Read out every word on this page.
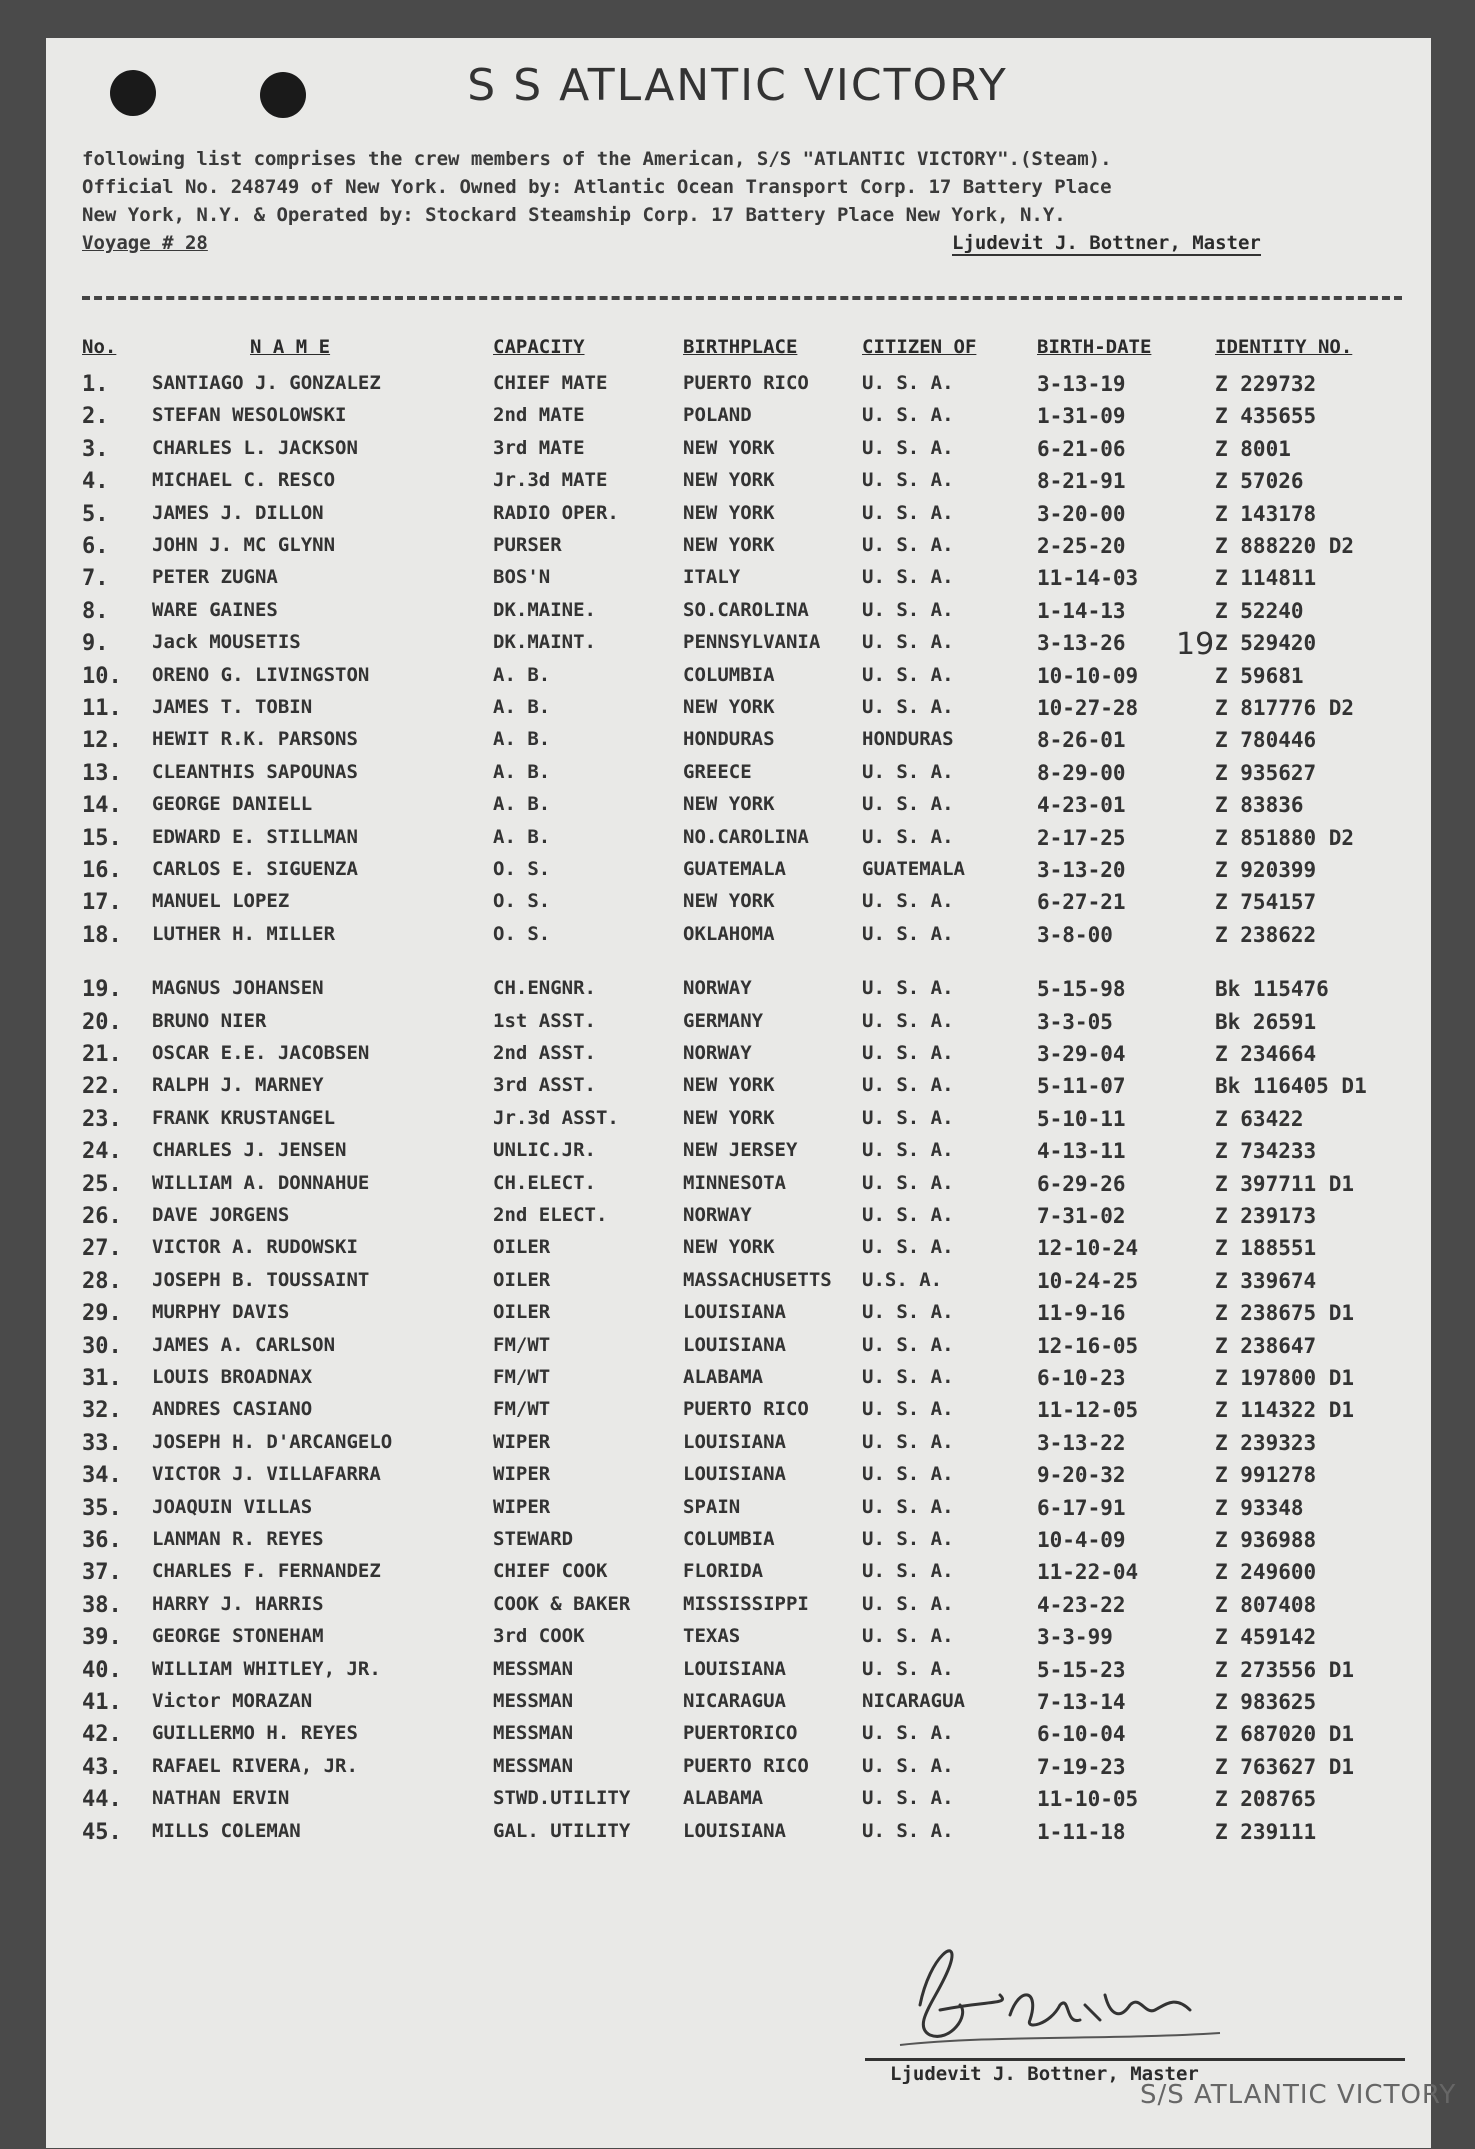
S S ATLANTIC VICTORY
following list comprises the crew members of the American, S/S "ATLANTIC VICTORY".(Steam).
Official No. 248749 of New York. Owned by: Atlantic Ocean Transport Corp. 17 Battery Place
New York, N.Y. & Operated by: Stockard Steamship Corp. 17 Battery Place New York, N.Y.
Voyage # 28	Ljudevit J. Bottner, Master
No.	N A M E	CAPACITY	BIRTHPLACE	CITIZEN OF	BIRTH-DATE	IDENTITY NO.
1. SANTIAGO J. GONZALEZ	CHIEF MATE	PUERTO RICO	U. S. A.	3-13-19	Z 229732
2. STEFAN WESOLOWSKI	2nd MATE	POLAND	U. S. A.	1-31-09	Z 435655
3. CHARLES L. JACKSON	3rd MATE	NEW YORK	U. S. A.	6-21-06	Z 8001
4. MICHAEL C. RESCO	Jr.3d MATE	NEW YORK	U. S. A.	8-21-91	Z 57026
5. JAMES J. DILLON	RADIO OPER.	NEW YORK	U. S. A.	3-20-00	Z 143178
6. JOHN J. MC GLYNN	PURSER	NEW YORK	U. S. A.	2-25-20	Z 888220 D2
7. PETER ZUGNA	BOS'N	ITALY	U. S. A.	11-14-03	Z 114811
8. WARE GAINES	DK.MAINE.	SO.CAROLINA	U. S. A.	1-14-13	Z 52240
9. Jack MOUSETIS	DK.MAINT.	PENNSYLVANIA U. S. A.	3-13-26	Z 529420
10. ORENO G. LIVINGSTON	A. B.	COLUMBIA	U. S. A.	10-10-09	Z 59681
11. JAMES T. TOBIN	A. B.	NEW YORK	U. S. A.	10-27-28	Z 817776 D2
12. HEWIT R.K. PARSONS	A. B.	HONDURAS	HONDURAS	8-26-01	Z 780446
13. CLEANTHIS SAPOUNAS	A. B.	GREECE	U. S. A.	8-29-00	Z 935627
14. GEORGE DANIELL	A. B.	NEW YORK	U. S. A.	4-23-01	Z 83836
15. EDWARD E. STILLMAN	A. B.	NO.CAROLINA	U. S. A.	2-17-25	Z 851880 D2
16. CARLOS E. SIGUENZA	O. S.	GUATEMALA	GUATEMALA	3-13-20	Z 920399
17. MANUEL LOPEZ	O. S.	NEW YORK	U. S. A.	6-27-21	Z 754157
18. LUTHER H. MILLER	O. S.	OKLAHOMA	U. S. A.	3-8-00	Z 238622
19. MAGNUS JOHANSEN	CH.ENGNR.	NORWAY	U. S. A.	5-15-98	Bk 115476
20. BRUNO NIER	1st ASST.	GERMANY	U. S. A.	3-3-05	Bk 26591
21. OSCAR E.E. JACOBSEN	2nd ASST.	NORWAY	U. S. A.	3-29-04	Z 234664
22. RALPH J. MARNEY	3rd ASST.	NEW YORK	U. S. A.	5-11-07	Bk 116405 D1
23. FRANK KRUSTANGEL	Jr.3d ASST.	NEW YORK	U. S. A.	5-10-11	Z 63422
24. CHARLES J. JENSEN	UNLIC.JR.	NEW JERSEY	U. S. A.	4-13-11	Z 734233
25. WILLIAM A. DONNAHUE	CH.ELECT.	MINNESOTA	U. S. A.	6-29-26	Z 397711 D1
26. DAVE JORGENS	2nd ELECT.	NORWAY	U. S. A.	7-31-02	Z 239173
27. VICTOR A. RUDOWSKI	OILER	NEW YORK	U. S. A.	12-10-24	Z 188551
28. JOSEPH B. TOUSSAINT	OILER	MASSACHUSETTS U.S. A.	10-24-25	Z 339674
29. MURPHY DAVIS	OILER	LOUISIANA	U. S. A.	11-9-16	Z 238675 D1
30. JAMES A. CARLSON	FM/WT	LOUISIANA	U. S. A.	12-16-05	Z 238647
31. LOUIS BROADNAX	FM/WT	ALABAMA	U. S. A.	6-10-23	Z 197800 D1
32. ANDRES CASIANO	FM/WT	PUERTO RICO	U. S. A.	11-12-05	Z 114322 D1
33. JOSEPH H. D'ARCANGELO	WIPER	LOUISIANA	U. S. A.	3-13-22	Z 239323
34. VICTOR J. VILLAFARRA	WIPER	LOUISIANA	U. S. A.	9-20-32	Z 991278
35. JOAQUIN VILLAS	WIPER	SPAIN	U. S. A.	6-17-91	Z 93348
36. LANMAN R. REYES	STEWARD	COLUMBIA	U. S. A.	10-4-09	Z 936988
37. CHARLES F. FERNANDEZ	CHIEF COOK	FLORIDA	U. S. A.	11-22-04	Z 249600
38. HARRY J. HARRIS	COOK & BAKER	MISSISSIPPI	U. S. A.	4-23-22	Z 807408
39. GEORGE STONEHAM	3rd COOK	TEXAS	U. S. A.	3-3-99	Z 459142
40. WILLIAM WHITLEY, JR.	MESSMAN	LOUISIANA	U. S. A.	5-15-23	Z 273556 D1
41. Victor MORAZAN	MESSMAN	NICARAGUA	NICARAGUA	7-13-14	Z 983625
42. GUILLERMO H. REYES	MESSMAN	PUERTORICO	U. S. A.	6-10-04	Z 687020 D1
43. RAFAEL RIVERA, JR.	MESSMAN	PUERTO RICO	U. S. A.	7-19-23	Z 763627 D1
44. NATHAN ERVIN	STWD.UTILITY	ALABAMA	U. S. A.	11-10-05	Z 208765
45. MILLS COLEMAN	GAL. UTILITY	LOUISIANA	U. S. A.	1-11-18	Z 239111
19
Ljudevit J. Bottner, Master
S/S ATLANTIC VICTORY
